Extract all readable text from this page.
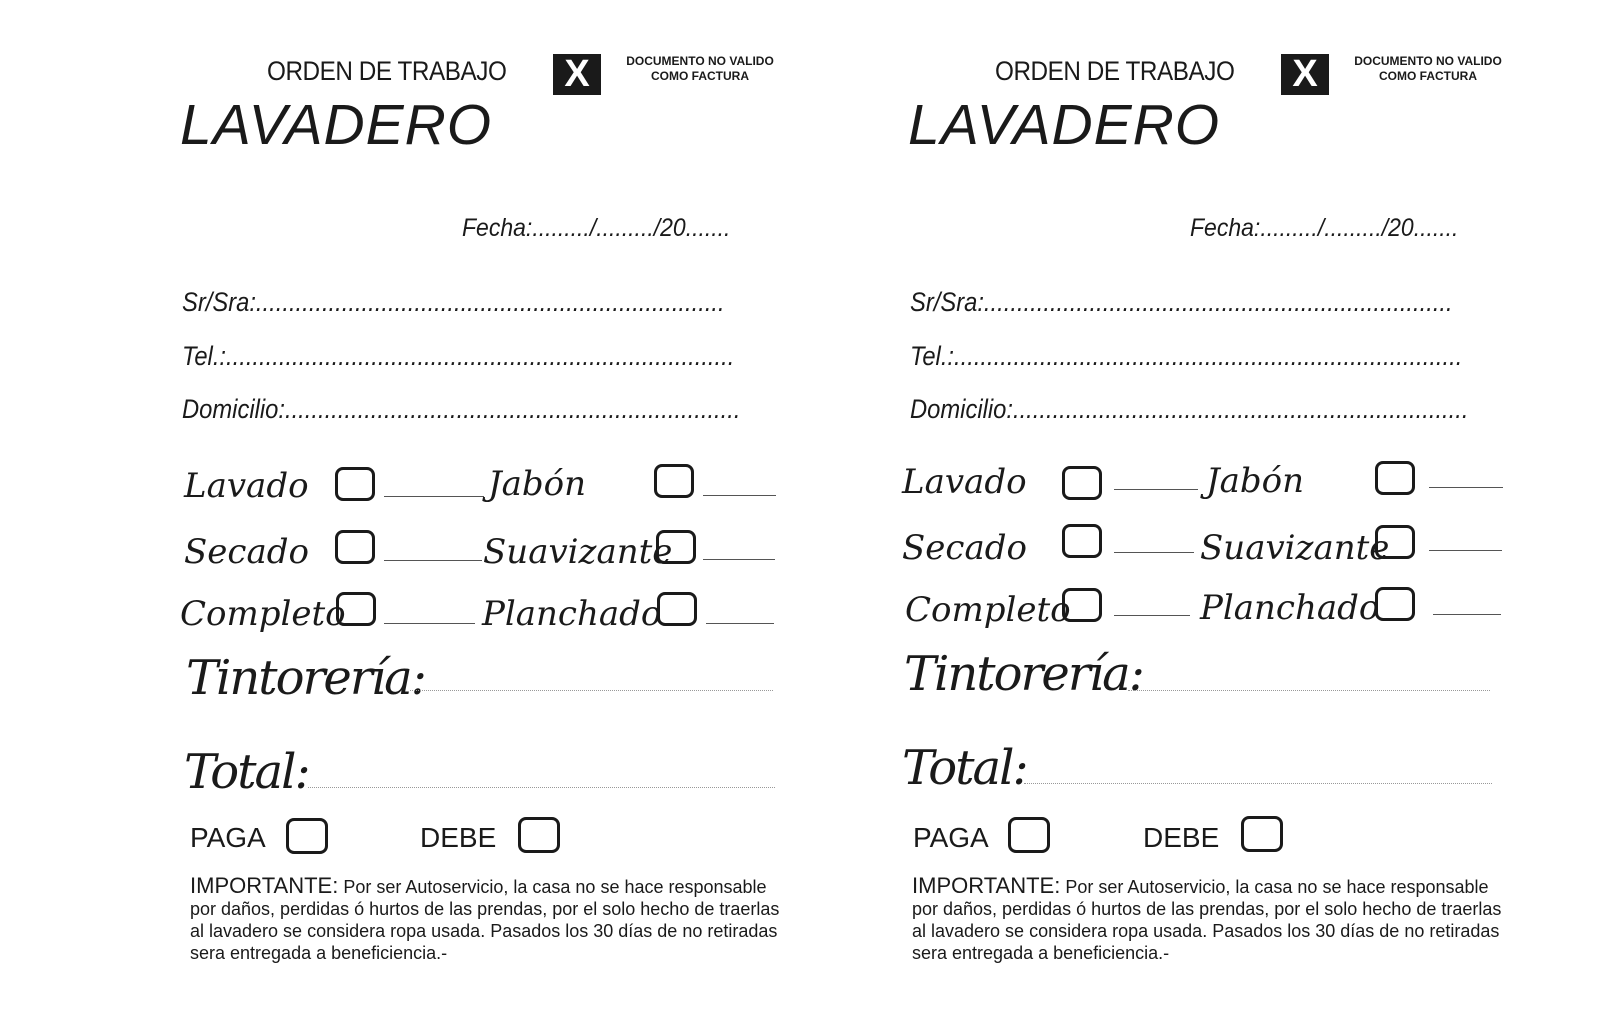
ORDEN DE TRABAJO X	DOCUMENTO NO VALIDO
COMO FACTURA
LAVADERO
Fecha:........./........./20.......
Sr/Sra:.......................................................................
Tel.:.............................................................................
Domicilio:.....................................................................
Lavado	Jabón
Secado	Suavizante
Completo	Planchado
Tintorería:
Total:
PAGA	DEBE
IMPORTANTE: Por ser Autoservicio, la casa no se hace responsable por daños, perdidas ó hurtos de las prendas, por el solo hecho de traerlas al lavadero se considera ropa usada. Pasados los 30 días de no retiradas sera entregada a beneficiencia.-
ORDEN DE TRABAJO X	DOCUMENTO NO VALIDO
COMO FACTURA
LAVADERO
Fecha:........./........./20.......
Sr/Sra:.......................................................................
Tel.:.............................................................................
Domicilio:.....................................................................
Lavado	Jabón
Secado	Suavizante
Completo	Planchado
Tintorería:
Total:
PAGA	DEBE
IMPORTANTE: Por ser Autoservicio, la casa no se hace responsable por daños, perdidas ó hurtos de las prendas, por el solo hecho de traerlas al lavadero se considera ropa usada. Pasados los 30 días de no retiradas sera entregada a beneficiencia.-
